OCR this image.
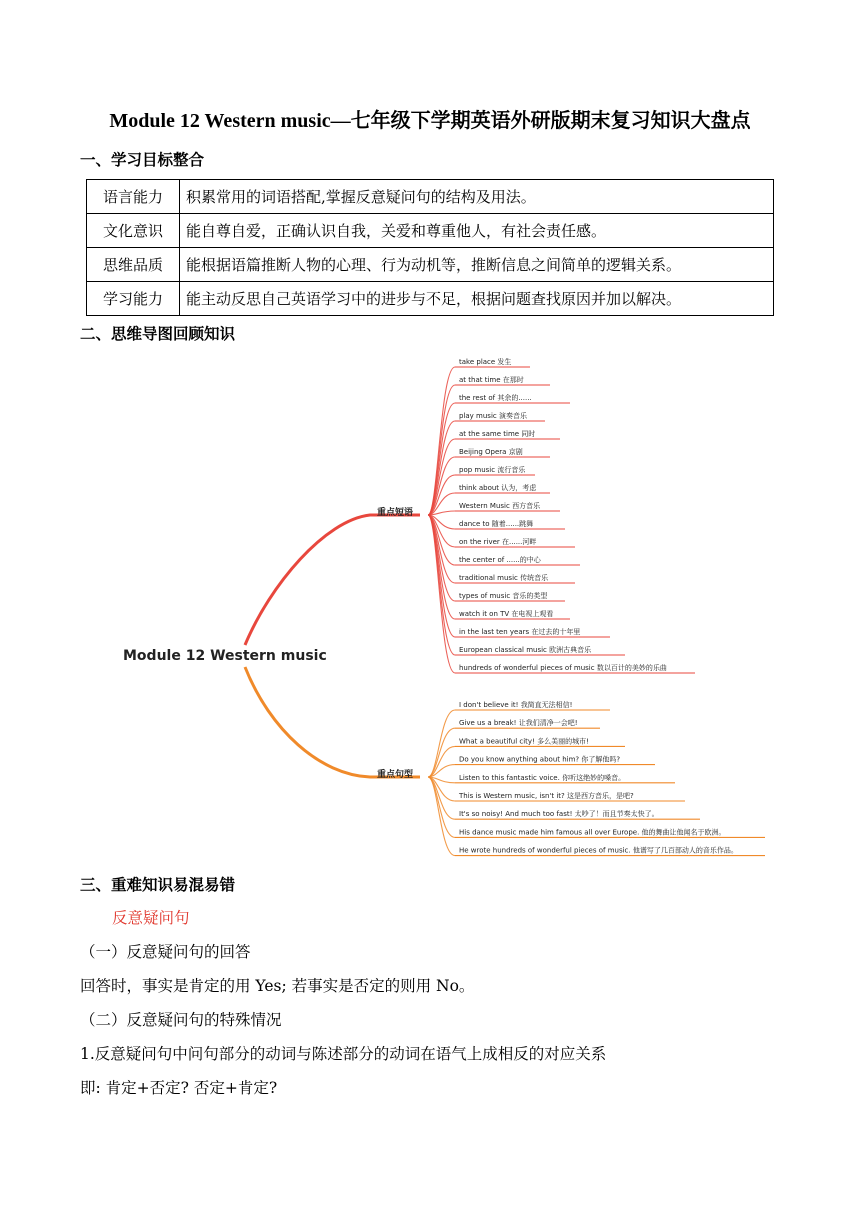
Module 12 Western music—七年级下学期英语外研版期末复习知识大盘点
一、学习目标整合
语言能力	积累常用的词语搭配,掌握反意疑问句的结构及用法。
文化意识	能自尊自爱，正确认识自我，关爱和尊重他人，有社会责任感。
思维品质	能根据语篇推断人物的心理、行为动机等，推断信息之间简单的逻辑关系。
学习能力	能主动反思自己英语学习中的进步与不足，根据问题查找原因并加以解决。
二、思维导图回顾知识
Module 12 Western music
重点短语
take place 发生
at that time 在那时
the rest of 其余的......
play music 演奏音乐
at the same time 同时
Beijing Opera 京剧
pop music 流行音乐
think about 认为，考虑
Western Music 西方音乐
dance to 随着......跳舞
on the river 在......河畔
the center of ......的中心
traditional music 传统音乐
types of music 音乐的类型
watch it on TV 在电视上观看
in the last ten years 在过去的十年里
European classical music 欧洲古典音乐
hundreds of wonderful pieces of music 数以百计的美妙的乐曲
重点句型
I don't believe it! 我简直无法相信!
Give us a break! 让我们清净一会吧!
What a beautiful city! 多么美丽的城市!
Do you know anything about him? 你了解他吗?
Listen to this fantastic voice. 你听这绝妙的嗓音。
This is Western music, isn't it? 这是西方音乐，是吧?
It's so noisy! And much too fast! 太吵了！而且节奏太快了。
His dance music made him famous all over Europe. 他的舞曲让他闻名于欧洲。
He wrote hundreds of wonderful pieces of music. 他谱写了几百部动人的音乐作品。
三、重难知识易混易错
反意疑问句
（一）反意疑问句的回答
回答时，事实是肯定的用 Yes; 若事实是否定的则用 No。
（二）反意疑问句的特殊情况
1.反意疑问句中问句部分的动词与陈述部分的动词在语气上成相反的对应关系
即: 肯定+否定? 否定+肯定?
